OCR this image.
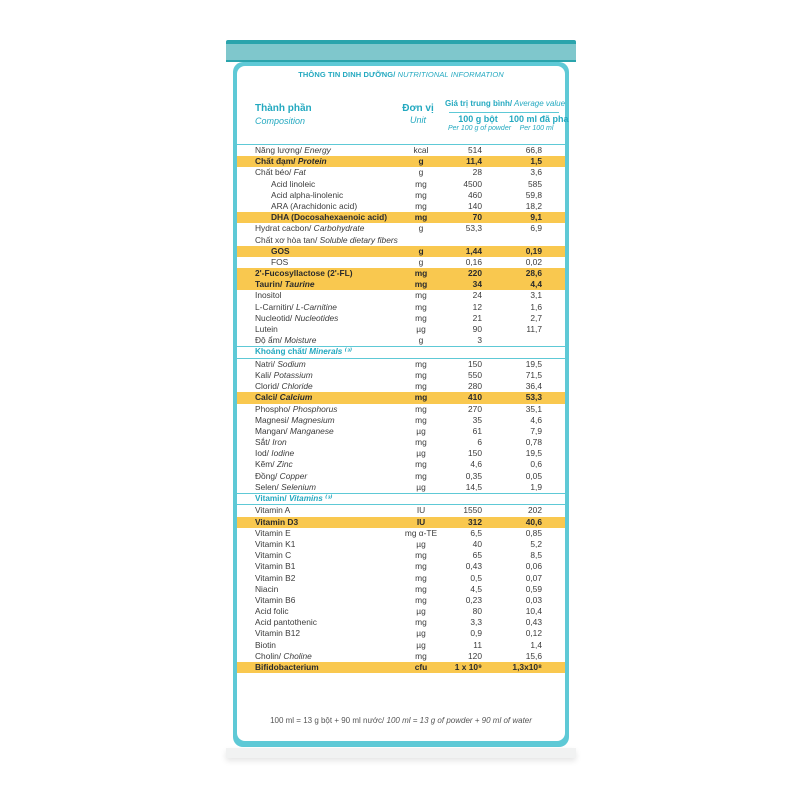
THÔNG TIN DINH DƯỠNG/ NUTRITIONAL INFORMATION
Thành phần
Composition
Đơn vị
Unit
Giá trị trung bình/ Average value
100 g bột
Per 100 g of powder
100 ml đã pha
Per 100 ml
Năng lượng/ Energy	kcal	514	66,8
Chất đạm/ Protein	g	11,4	1,5
Chất béo/ Fat	g	28	3,6
Acid linoleic	mg	4500	585
Acid alpha-linolenic	mg	460	59,8
ARA (Arachidonic acid)	mg	140	18,2
DHA (Docosahexaenoic acid)	mg	70	9,1
Hydrat cacbon/ Carbohydrate	g	53,3	6,9
Chất xơ hòa tan/ Soluble dietary fibers
GOS	g	1,44	0,19
FOS	g	0,16	0,02
2'-Fucosyllactose (2'-FL)	mg	220	28,6
Taurin/ Taurine	mg	34	4,4
Inositol	mg	24	3,1
L-Carnitin/ L-Carnitine	mg	12	1,6
Nucleotid/ Nucleotides	mg	21	2,7
Lutein	µg	90	11,7
Độ ẩm/ Moisture	g	3
Khoáng chất/ Minerals ⁽³⁾
Natri/ Sodium	mg	150	19,5
Kali/ Potassium	mg	550	71,5
Clorid/ Chloride	mg	280	36,4
Calci/ Calcium	mg	410	53,3
Phospho/ Phosphorus	mg	270	35,1
Magnesi/ Magnesium	mg	35	4,6
Mangan/ Manganese	µg	61	7,9
Sắt/ Iron	mg	6	0,78
Iod/ Iodine	µg	150	19,5
Kẽm/ Zinc	mg	4,6	0,6
Đồng/ Copper	mg	0,35	0,05
Selen/ Selenium	µg	14,5	1,9
Vitamin/ Vitamins ⁽³⁾
Vitamin A	IU	1550	202
Vitamin D3	IU	312	40,6
Vitamin E	mg α-TE	6,5	0,85
Vitamin K1	µg	40	5,2
Vitamin C	mg	65	8,5
Vitamin B1	mg	0,43	0,06
Vitamin B2	mg	0,5	0,07
Niacin	mg	4,5	0,59
Vitamin B6	mg	0,23	0,03
Acid folic	µg	80	10,4
Acid pantothenic	mg	3,3	0,43
Vitamin B12	µg	0,9	0,12
Biotin	µg	11	1,4
Cholin/ Choline	mg	120	15,6
Bifidobacterium	cfu	1 x 10⁹	1,3x10⁸
100 ml = 13 g bột + 90 ml nước/ 100 ml = 13 g of powder + 90 ml of water
